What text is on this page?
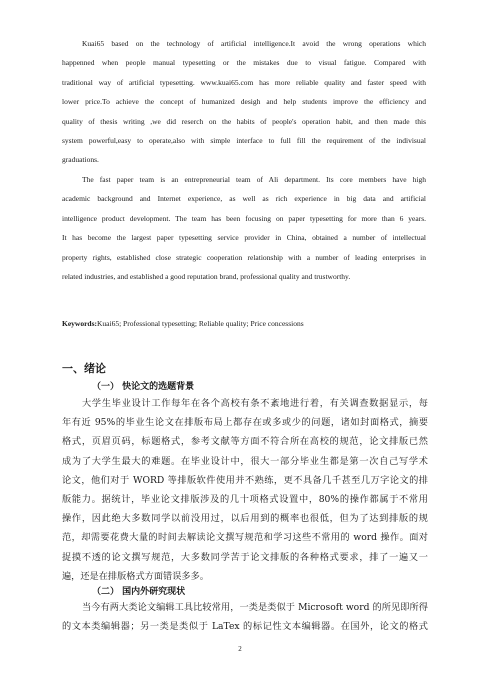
Kuai65 based on the technology of artificial intelligence.It avoid the wrong operations which
happenned when people manual typesetting or the mistakes due to visual fatigue. Compared with
traditional way of artificial typesetting. www.kuai65.com has more reliable quality and faster speed with
lower price.To achieve the concept of humanized desigh and help students improve the efficiency and
quality of thesis writing ,we did reserch on the habits of people's operation habit, and then made this
system powerful,easy to operate,also with simple interface to full fill the requirement of the indivisual
graduations.
The fast paper team is an entrepreneurial team of Ali department. Its core members have high
academic background and Internet experience, as well as rich experience in big data and artificial
intelligence product development. The team has been focusing on paper typesetting for more than 6 years.
It has become the largest paper typesetting service provider in China, obtained a number of intellectual
property rights, established close strategic cooperation relationship with a number of leading enterprises in
related industries, and established a good reputation brand, professional quality and trustworthy.
Keywords:Kuai65; Professional typesetting; Reliable quality; Price concessions
一、绪论
（一） 快论文的选题背景
大学生毕业设计工作每年在各个高校有条不紊地进行着，有关调查数据显示，每
年有近 95%的毕业生论文在排版布局上都存在或多或少的问题，诸如封面格式，摘要
格式，页眉页码，标题格式，参考文献等方面不符合所在高校的规范，论文排版已然
成为了大学生最大的难题。在毕业设计中，很大一部分毕业生都是第一次自己写学术
论文，他们对于 WORD 等排版软件使用并不熟练，更不具备几千甚至几万字论文的排
版能力。据统计，毕业论文排版涉及的几十项格式设置中，80%的操作都属于不常用
操作，因此绝大多数同学以前没用过，以后用到的概率也很低，但为了达到排版的规
范，却需要花费大量的时间去解读论文撰写规范和学习这些不常用的 word 操作。面对
捉摸不透的论文撰写规范，大多数同学苦于论文排版的各种格式要求，排了一遍又一
遍，还是在排版格式方面错误多多。
（二） 国内外研究现状
当今有两大类论文编辑工具比较常用，一类是类似于 Microsoft word 的所见即所得
的文本类编辑器；另一类是类似于 LaTex 的标记性文本编辑器。在国外，论文的格式
2
